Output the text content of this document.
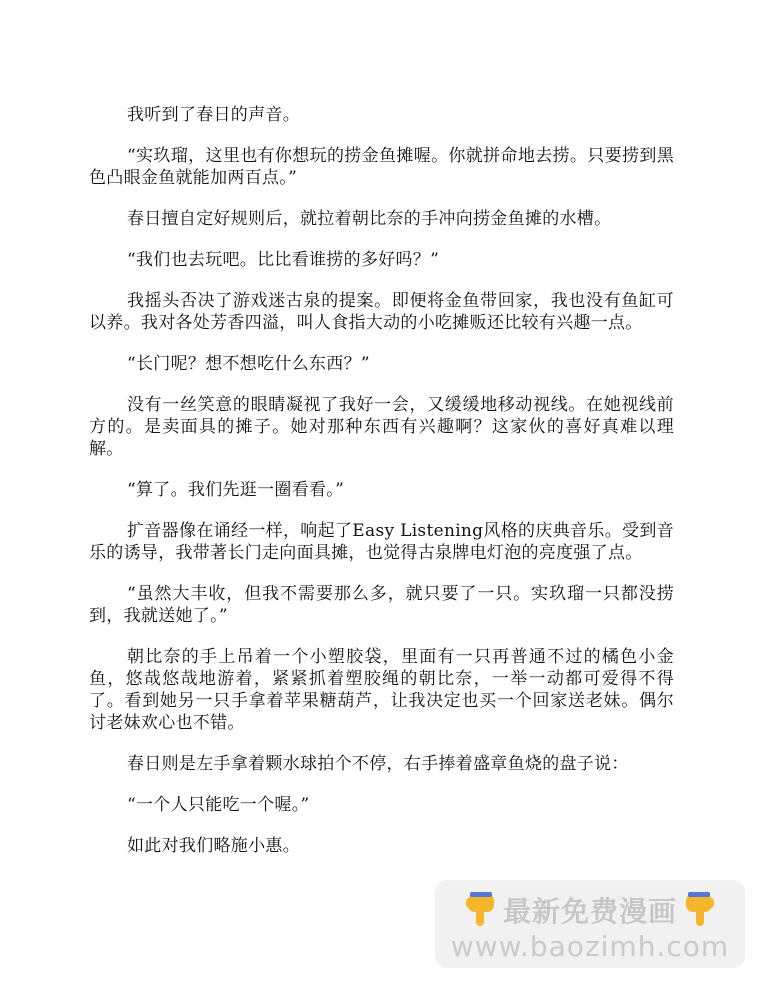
我听到了春日的声音。

“实玖瑠，这里也有你想玩的捞金鱼摊喔。你就拼命地去捞。只要捞到黑色凸眼金鱼就能加两百点。”

春日擅自定好规则后，就拉着朝比奈的手冲向捞金鱼摊的水槽。

“我们也去玩吧。比比看谁捞的多好吗？”

我摇头否决了游戏迷古泉的提案。即便将金鱼带回家，我也没有鱼缸可以养。我对各处芳香四溢，叫人食指大动的小吃摊贩还比较有兴趣一点。

“长门呢？想不想吃什么东西？”

没有一丝笑意的眼睛凝视了我好一会，又缓缓地移动视线。在她视线前方的。是卖面具的摊子。她对那种东西有兴趣啊？这家伙的喜好真难以理解。

“算了。我们先逛一圈看看。”

扩音器像在诵经一样，响起了Easy Listening风格的庆典音乐。受到音乐的诱导，我带著长门走向面具摊，也觉得古泉牌电灯泡的亮度强了点。

“虽然大丰收，但我不需要那么多，就只要了一只。实玖瑠一只都没捞到，我就送她了。”

朝比奈的手上吊着一个小塑胶袋，里面有一只再普通不过的橘色小金鱼，悠哉悠哉地游着，紧紧抓着塑胶绳的朝比奈，一举一动都可爱得不得了。看到她另一只手拿着苹果糖葫芦，让我决定也买一个回家送老妹。偶尔讨老妹欢心也不错。

春日则是左手拿着颗水球拍个不停，右手捧着盛章鱼烧的盘子说：

“一个人只能吃一个喔。”

如此对我们略施小惠。

最新免费漫画
www.baozimh.com
